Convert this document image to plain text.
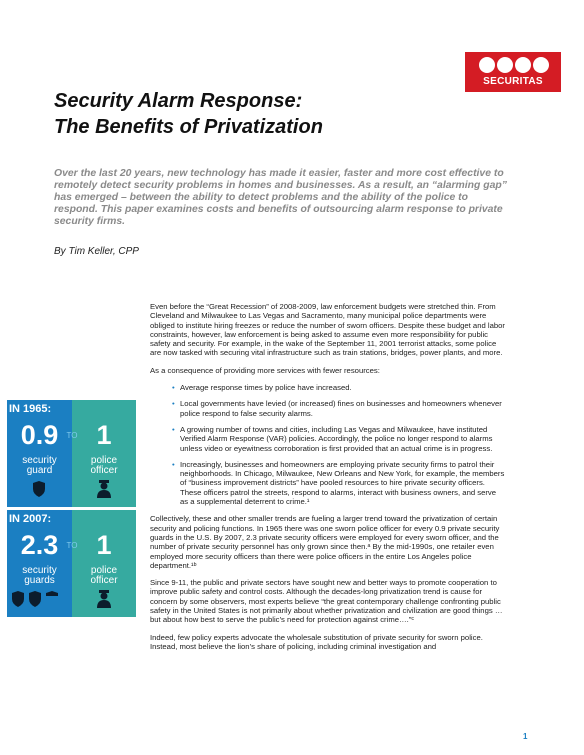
SECURITAS
Security Alarm Response:
The Benefits of Privatization

Over the last 20 years, new technology has made it easier, faster and more cost effective to remotely detect security problems in homes and businesses. As a result, an “alarming gap” has emerged – between the ability to detect problems and the ability of the police to respond. This paper examines costs and benefits of outsourcing alarm response to private security firms.

By Tim Keller, CPP

IN 1965:
0.9	TO 1
security
guard
police
officer
IN 2007:
2.3	TO 1
security
guards
police
officer

Even before the “Great Recession” of 2008-2009, law enforcement budgets were stretched thin. From Cleveland and Milwaukee to Las Vegas and Sacramento, many municipal police departments were obliged to institute hiring freezes or reduce the number of sworn officers. Despite these budget and labor constraints, however, law enforcement is being asked to assume even more responsibility for public safety and security. For example, in the wake of the September 11, 2001 terrorist attacks, some police are now tasked with securing vital infrastructure such as train stations, bridges, power plants, and more.

As a consequence of providing more services with fewer resources:

• Average response times by police have increased.
• Local governments have levied (or increased) fines on businesses and homeowners whenever police respond to false security alarms.
• A growing number of towns and cities, including Las Vegas and Milwaukee, have instituted Verified Alarm Response (VAR) policies. Accordingly, the police no longer respond to alarms unless video or eyewitness corroboration is first provided that an actual crime is in progress.
• Increasingly, businesses and homeowners are employing private security firms to patrol their neighborhoods. In Chicago, Milwaukee, New Orleans and New York, for example, the members of “business improvement districts” have pooled resources to hire private security officers. These officers patrol the streets, respond to alarms, interact with business owners, and serve as a supplemental deterrent to crime.¹

Collectively, these and other smaller trends are fueling a larger trend toward the privatization of certain security and policing functions. In 1965 there was one sworn police officer for every 0.9 private security guards in the U.S. By 2007, 2.3 private security officers were employed for every sworn officer, and the number of private security personnel has only grown since then.ᵃ By the mid-1990s, one retailer even employed more security officers than there were police officers in the entire Los Angeles police department.¹ᵇ

Since 9-11, the public and private sectors have sought new and better ways to promote cooperation to improve public safety and control costs. Although the decades-long privatization trend is cause for concern by some observers, most experts believe “the great contemporary challenge confronting public safety in the United States is not primarily about whether privatization and civilization are good things … but about how best to serve the public’s need for protection against crime….”ᶜ

Indeed, few policy experts advocate the wholesale substitution of private security for sworn police. Instead, most believe the lion’s share of policing, including criminal investigation and

1
